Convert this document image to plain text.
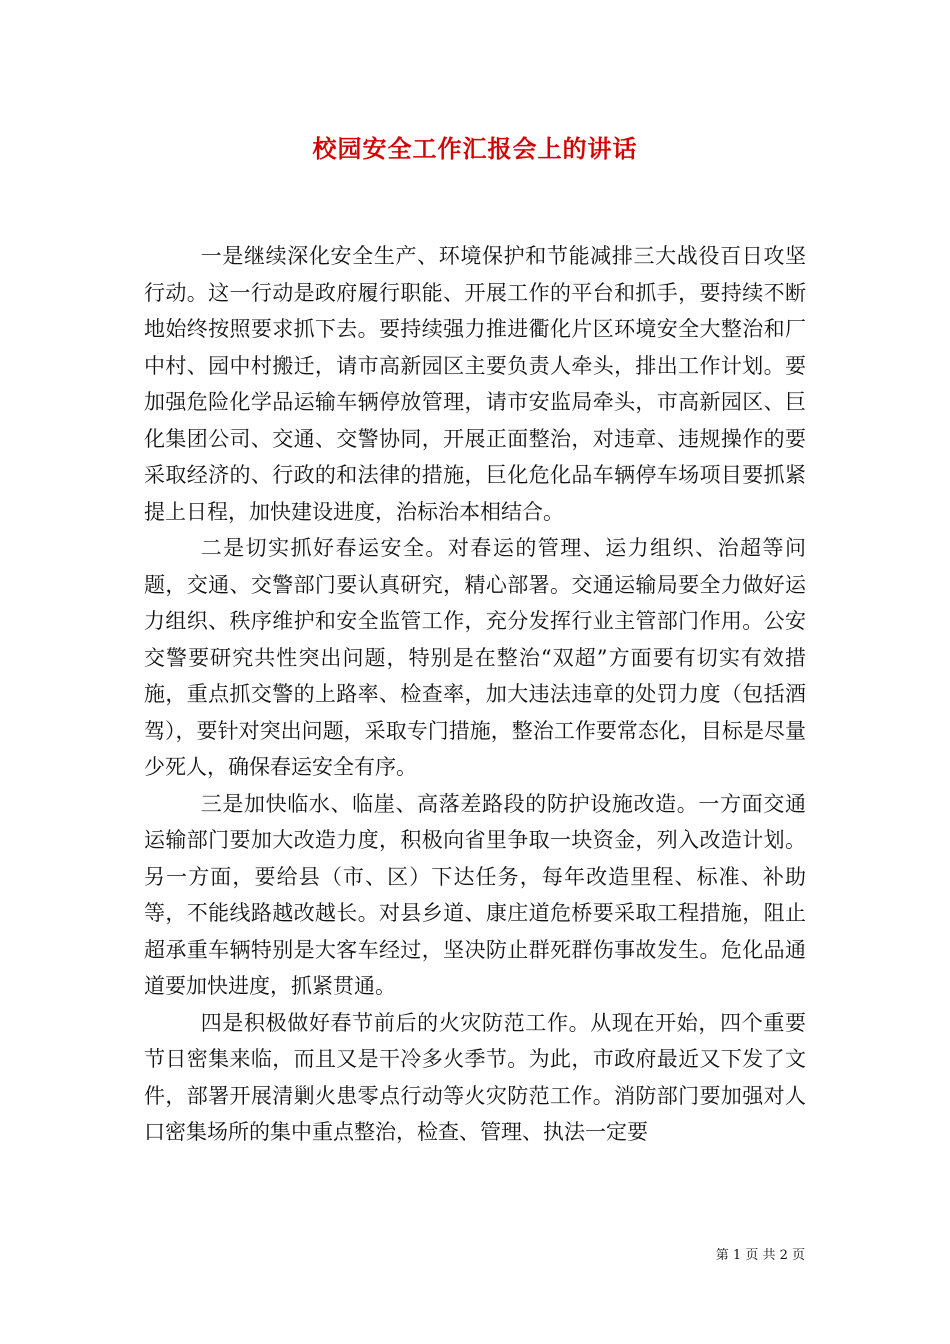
校园安全工作汇报会上的讲话

一是继续深化安全生产、环境保护和节能减排三大战役百日攻坚行动。这一行动是政府履行职能、开展工作的平台和抓手，要持续不断地始终按照要求抓下去。要持续强力推进衢化片区环境安全大整治和厂中村、园中村搬迁，请市高新园区主要负责人牵头，排出工作计划。要加强危险化学品运输车辆停放管理，请市安监局牵头，市高新园区、巨化集团公司、交通、交警协同，开展正面整治，对违章、违规操作的要采取经济的、行政的和法律的措施，巨化危化品车辆停车场项目要抓紧提上日程，加快建设进度，治标治本相结合。

二是切实抓好春运安全。对春运的管理、运力组织、治超等问题，交通、交警部门要认真研究，精心部署。交通运输局要全力做好运力组织、秩序维护和安全监管工作，充分发挥行业主管部门作用。公安交警要研究共性突出问题，特别是在整治“双超”方面要有切实有效措施，重点抓交警的上路率、检查率，加大违法违章的处罚力度（包括酒驾），要针对突出问题，采取专门措施，整治工作要常态化，目标是尽量少死人，确保春运安全有序。

三是加快临水、临崖、高落差路段的防护设施改造。一方面交通运输部门要加大改造力度，积极向省里争取一块资金，列入改造计划。另一方面，要给县（市、区）下达任务，每年改造里程、标准、补助等，不能线路越改越长。对县乡道、康庄道危桥要采取工程措施，阻止超承重车辆特别是大客车经过，坚决防止群死群伤事故发生。危化品通道要加快进度，抓紧贯通。

四是积极做好春节前后的火灾防范工作。从现在开始，四个重要节日密集来临，而且又是干冷多火季节。为此，市政府最近又下发了文件，部署开展清剿火患零点行动等火灾防范工作。消防部门要加强对人口密集场所的集中重点整治，检查、管理、执法一定要

第 1 页 共 2 页
